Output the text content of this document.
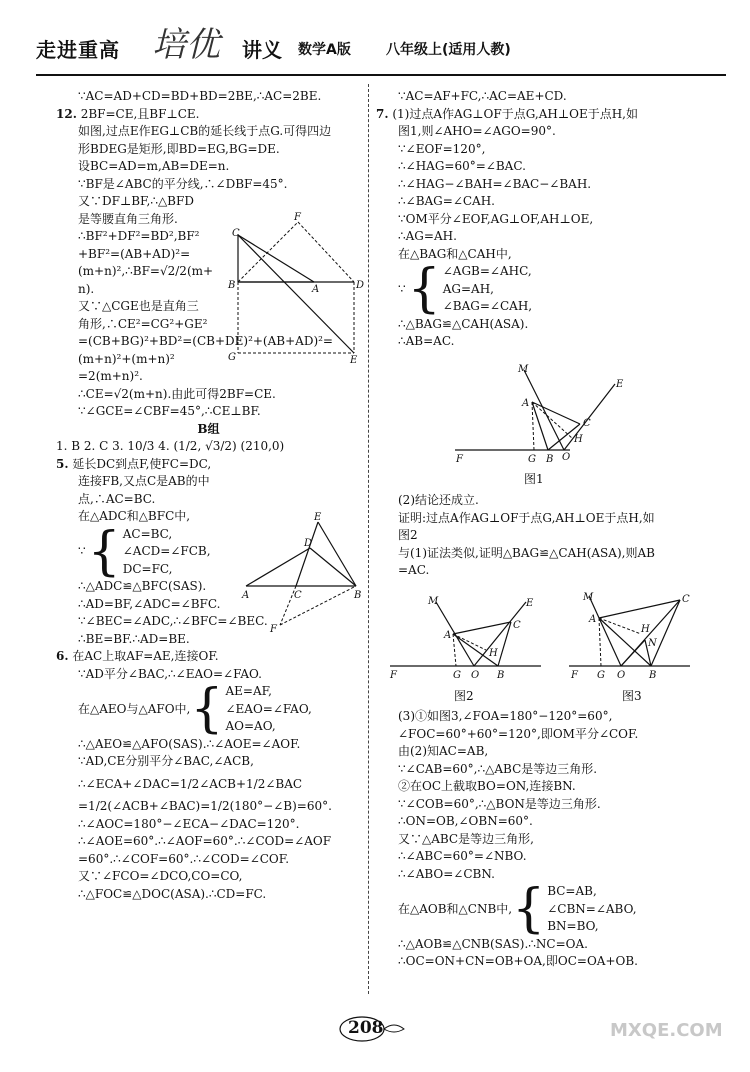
走进重高 培优 讲义 数学A版	八年级上(适用人教)
∵AC=AD+CD=BD+BD=2BE,∴AC=2BE.
12. 2BF=CE,且BF⊥CE.
如图,过点E作EG⊥CB的延长线于点G.可得四边
形BDEG是矩形,即BD=EG,BG=DE.
设BC=AD=m,AB=DE=n.
∵BF是∠ABC的平分线,∴∠DBF=45°.
又∵DF⊥BF,∴△BFD
是等腰直角三角形.
∴BF²+DF²=BD²,BF²
+BF²=(AB+AD)²=
(m+n)²,∴BF=√2/2(m+
n).
又∵△CGE也是直角三
角形,∴CE²=CG²+GE²
=(CB+BG)²+BD²=(CB+DE)²+(AB+AD)²=
(m+n)²+(m+n)²
=2(m+n)².
∴CE=√2(m+n).由此可得2BF=CE.
∵∠GCE=∠CBF=45°,∴CE⊥BF.
B组
1. B 2. C 3. 10/3 4. (1/2, √3/2) (210,0)
5. 延长DC到点F,使FC=DC,
连接FB,又点C是AB的中
点,∴AC=BC.
在△ADC和△BFC中,
∵ { AC=BC,
∠ACD=∠FCB,
DC=FC,
∴△ADC≌△BFC(SAS).
∴AD=BF,∠ADC=∠BFC.
∵∠BEC=∠ADC,∴∠BFC=∠BEC.
∴BE=BF.∴AD=BE.
6. 在AC上取AF=AE,连接OF.
∵AD平分∠BAC,∴∠EAO=∠FAO.
在△AEO与△AFO中, { AE=AF,
∠EAO=∠FAO,
AO=AO,
∴△AEO≌△AFO(SAS).∴∠AOE=∠AOF.
∵AD,CE分别平分∠BAC,∠ACB,
∴∠ECA+∠DAC=1/2∠ACB+1/2∠BAC
=1/2(∠ACB+∠BAC)=1/2(180°−∠B)=60°.
∴∠AOC=180°−∠ECA−∠DAC=120°.
∴∠AOE=60°.∴∠AOF=60°.∴∠COD=∠AOF
=60°.∴∠COF=60°.∴∠COD=∠COF.
又∵∠FCO=∠DCO,CO=CO,
∴△FOC≌△DOC(ASA).∴CD=FC.
F
C
B	A	D
G	E
E
D
A	C	B
F
∵AC=AF+FC,∴AC=AE+CD.
7. (1)过点A作AG⊥OF于点G,AH⊥OE于点H,如
图1,则∠AHO=∠AGO=90°.
∵∠EOF=120°,
∴∠HAG=60°=∠BAC.
∴∠HAG−∠BAH=∠BAC−∠BAH.
∴∠BAG=∠CAH.
∵OM平分∠EOF,AG⊥OF,AH⊥OE,
∴AG=AH.
在△BAG和△CAH中,
∵ { ∠AGB=∠AHC,
AG=AH,
∠BAG=∠CAH,
∴△BAG≌△CAH(ASA).
∴AB=AC.
M
E
A
C
H
F	G B O
图1
(2)结论还成立.
证明:过点A作AG⊥OF于点G,AH⊥OE于点H,如
图2
与(1)证法类似,证明△BAG≌△CAH(ASA),则AB
=AC.
M	E
C
A
H
F	G O B
图2
M	C
A
H
N
F G O B
图3
(3)①如图3,∠FOA=180°−120°=60°,
∠FOC=60°+60°=120°,即OM平分∠COF.
由(2)知AC=AB,
∵∠CAB=60°,∴△ABC是等边三角形.
②在OC上截取BO=ON,连接BN.
∵∠COB=60°,∴△BON是等边三角形.
∴ON=OB,∠OBN=60°.
又∵△ABC是等边三角形,
∴∠ABC=60°=∠NBO.
∴∠ABO=∠CBN.
在△AOB和△CNB中, { BC=AB,
∠CBN=∠ABO,
BN=BO,
∴△AOB≌△CNB(SAS).∴NC=OA.
∴OC=ON+CN=OB+OA,即OC=OA+OB.
208	MXQE.COM
